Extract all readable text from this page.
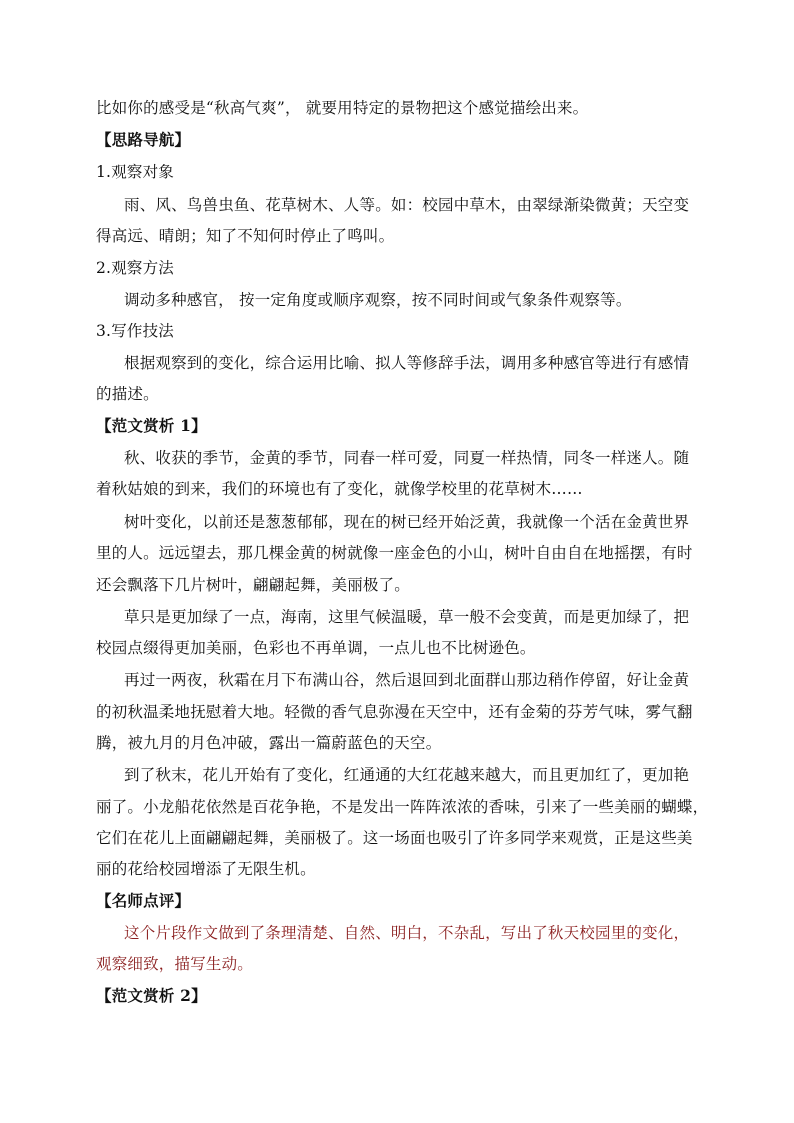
比如你的感受是“秋高气爽”， 就要用特定的景物把这个感觉描绘出来。
【思路导航】
1.观察对象
雨、风、鸟兽虫鱼、花草树木、人等。如：校园中草木，由翠绿渐染微黄；天空变
得高远、晴朗；知了不知何时停止了鸣叫。
2.观察方法
调动多种感官， 按一定角度或顺序观察，按不同时间或气象条件观察等。
3.写作技法
根据观察到的变化，综合运用比喻、拟人等修辞手法，调用多种感官等进行有感情
的描述。
【范文赏析 1】
秋、收获的季节，金黄的季节，同春一样可爱，同夏一样热情，同冬一样迷人。随
着秋姑娘的到来，我们的环境也有了变化，就像学校里的花草树木……
树叶变化，以前还是葱葱郁郁，现在的树已经开始泛黄，我就像一个活在金黄世界
里的人。远远望去，那几棵金黄的树就像一座金色的小山，树叶自由自在地摇摆，有时
还会飘落下几片树叶，翩翩起舞，美丽极了。
草只是更加绿了一点，海南，这里气候温暖，草一般不会变黄，而是更加绿了，把
校园点缀得更加美丽，色彩也不再单调，一点儿也不比树逊色。
再过一两夜，秋霜在月下布满山谷，然后退回到北面群山那边稍作停留，好让金黄
的初秋温柔地抚慰着大地。轻微的香气息弥漫在天空中，还有金菊的芬芳气味，雾气翻
腾，被九月的月色冲破，露出一篇蔚蓝色的天空。
到了秋末，花儿开始有了变化，红通通的大红花越来越大，而且更加红了，更加艳
丽了。小龙船花依然是百花争艳，不是发出一阵阵浓浓的香味，引来了一些美丽的蝴蝶，
它们在花儿上面翩翩起舞，美丽极了。这一场面也吸引了许多同学来观赏，正是这些美
丽的花给校园增添了无限生机。
【名师点评】
这个片段作文做到了条理清楚、自然、明白，不杂乱，写出了秋天校园里的变化，
观察细致，描写生动。
【范文赏析 2】
